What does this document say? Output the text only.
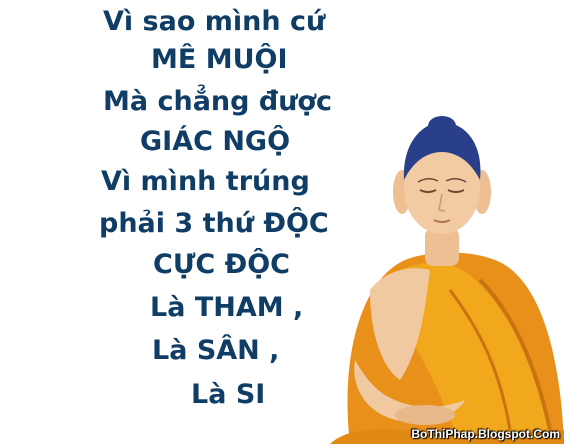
Vì sao mình cứ
MÊ MUỘI
Mà chẳng được
GIÁC NGỘ
Vì mình trúng
phải 3 thứ ĐỘC
CỰC ĐỘC
Là THAM ,
Là SÂN ,
Là SI
BoThiPhap.Blogspot.Com
